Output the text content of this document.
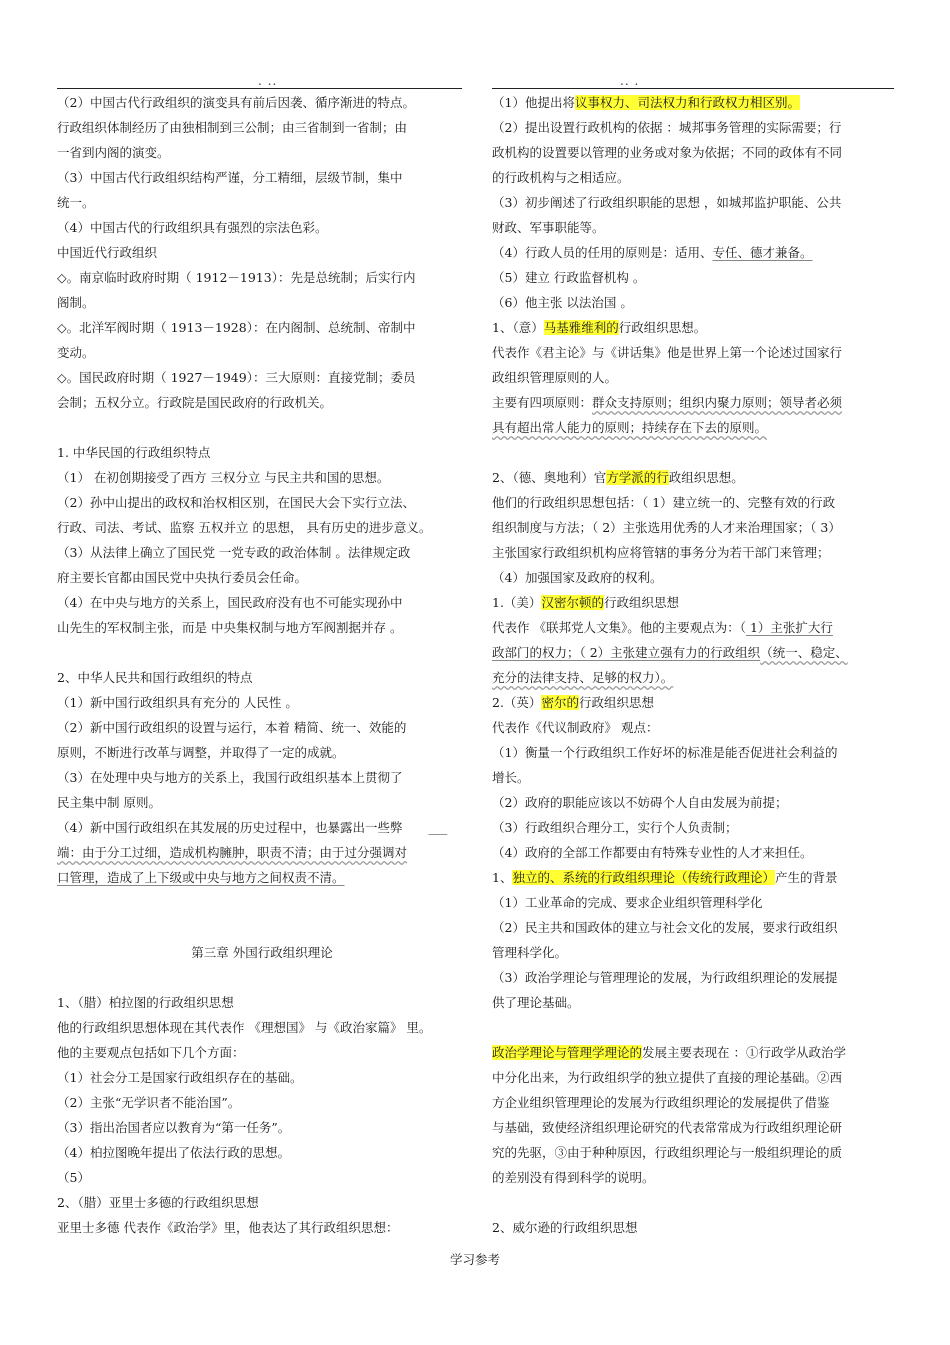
. ..	.. .
（2）中国古代行政组织的演变具有前后因袭、循序渐进的特点。
行政组织体制经历了由独相制到三公制；由三省制到一省制；由
一省到内阁的演变。
（3）中国古代行政组织结构严谨，分工精细，层级节制，集中
统一。
（4）中国古代的行政组织具有强烈的宗法色彩。
中国近代行政组织
◇。南京临时政府时期（ 1912－1913）：先是总统制；后实行内
阁制。
◇。北洋军阀时期（ 1913－1928）：在内阁制、总统制、帝制中
变动。
◇。国民政府时期（ 1927－1949）：三大原则：直接党制；委员
会制；五权分立。行政院是国民政府的行政机关。
1. 中华民国的行政组织特点
（1） 在初创期接受了西方 三权分立 与民主共和国的思想。
（2）孙中山提出的政权和治权相区别，在国民大会下实行立法、
行政、司法、考试、监察 五权并立 的思想， 具有历史的进步意义。
（3）从法律上确立了国民党 一党专政的政治体制 。法律规定政
府主要长官都由国民党中央执行委员会任命。
（4）在中央与地方的关系上，国民政府没有也不可能实现孙中
山先生的军权制主张，而是 中央集权制与地方军阀割据并存 。
2、中华人民共和国行政组织的特点
（1）新中国行政组织具有充分的 人民性 。
（2）新中国行政组织的设置与运行，本着 精简、统一、效能的
原则，不断进行改革与调整，并取得了一定的成就。
（3）在处理中央与地方的关系上，我国行政组织基本上贯彻了
民主集中制 原则。
（4）新中国行政组织在其发展的历史过程中，也暴露出一些弊 ___
端：由于分工过细，造成机构臃肿，职责不清；由于过分强调对
口管理，造成了上下级或中央与地方之间权责不清。
第三章 外国行政组织理论
1、（腊）柏拉图的行政组织思想
他的行政组织思想体现在其代表作 《理想国》 与《政治家篇》 里。
他的主要观点包括如下几个方面：
（1）社会分工是国家行政组织存在的基础。
（2）主张“无学识者不能治国”。
（3）指出治国者应以教育为“第一任务”。
（4）柏拉图晚年提出了依法行政的思想。
（5）
2、（腊）亚里士多德的行政组织思想
亚里士多德 代表作《政治学》里，他表达了其行政组织思想：
（1）他提出将议事权力、司法权力和行政权力相区别。
（2）提出设置行政机构的依据 ：城邦事务管理的实际需要；行
政机构的设置要以管理的业务或对象为依据；不同的政体有不同
的行政机构与之相适应。
（3）初步阐述了行政组织职能的思想 ，如城邦监护职能、公共
财政、军事职能等。
（4）行政人员的任用的原则是：适用、专任、德才兼备。
（5）建立 行政监督机构 。
（6）他主张 以法治国 。
1、（意）马基雅维利的行政组织思想。
代表作《君主论》与《讲话集》他是世界上第一个论述过国家行
政组织管理原则的人。
主要有四项原则：群众支持原则；组织内聚力原则；领导者必须
具有超出常人能力的原则；持续存在下去的原则。
2、（德、奥地利）官方学派的行政组织思想。
他们的行政组织思想包括：（ 1）建立统一的、完整有效的行政
组织制度与方法；（ 2）主张选用优秀的人才来治理国家；（ 3）
主张国家行政组织机构应将管辖的事务分为若干部门来管理；
（4）加强国家及政府的权利。
1.（美）汉密尔顿的行政组织思想
代表作 《联邦党人文集》。他的主要观点为：（ 1）主张扩大行
政部门的权力；（ 2）主张建立强有力的行政组织（统一、稳定、
充分的法律支持、足够的权力）。
2.（英）密尔的行政组织思想
代表作《代议制政府》 观点：
（1）衡量一个行政组织工作好坏的标准是能否促进社会利益的
增长。
（2）政府的职能应该以不妨碍个人自由发展为前提；
（3）行政组织合理分工，实行个人负责制；
（4）政府的全部工作都要由有特殊专业性的人才来担任。
1、独立的、系统的行政组织理论（传统行政理论）产生的背景
（1）工业革命的完成、要求企业组织管理科学化
（2）民主共和国政体的建立与社会文化的发展，要求行政组织
管理科学化。
（3）政治学理论与管理理论的发展，为行政组织理论的发展提
供了理论基础。
政治学理论与管理学理论的发展主要表现在 ：①行政学从政治学
中分化出来，为行政组织学的独立提供了直接的理论基础。②西
方企业组织管理理论的发展为行政组织理论的发展提供了借鉴
与基础，致使经济组织理论研究的代表常常成为行政组织理论研
究的先驱，③由于种种原因，行政组织理论与一般组织理论的质
的差别没有得到科学的说明。
2、威尔逊的行政组织思想
学习参考
